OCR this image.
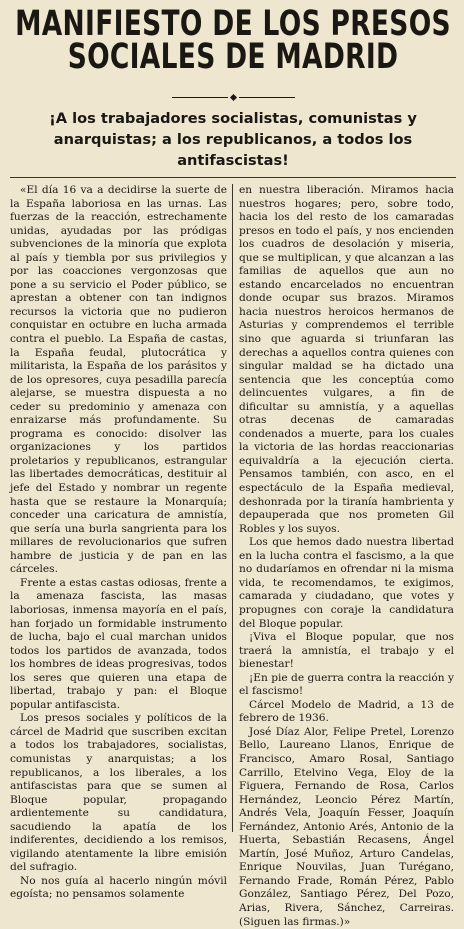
MANIFIESTO DE LOS PRESOS
SOCIALES DE MADRID
¡A los trabajadores socialistas, comunistas y anarquistas; a los republicanos, a todos los antifascistas!

«El día 16 va a decidirse la suerte de la España laboriosa en las urnas. Las fuerzas de la reacción, estrechamente unidas, ayudadas por las pródigas subvenciones de la minoría que explota al país y tiembla por sus privilegios y por las coacciones vergonzosas que pone a su servicio el Poder público, se aprestan a obtener con tan indignos recursos la victoria que no pudieron conquistar en octubre en lucha armada contra el pueblo. La España de castas, la España feudal, plutocrática y militarista, la España de los parásitos y de los opresores, cuya pesadilla parecía alejarse, se muestra dispuesta a no ceder su predominio y amenaza con enraizarse más profundamente. Su programa es conocido: disolver las organizaciones y los partidos proletarios y republicanos, estrangular las libertades democráticas, destituir al jefe del Estado y nombrar un regente hasta que se restaure la Monarquía; conceder una caricatura de amnistía, que sería una burla sangrienta para los millares de revolucionarios que sufren hambre de justicia y de pan en las cárceles.

Frente a estas castas odiosas, frente a la amenaza fascista, las masas laboriosas, inmensa mayoría en el país, han forjado un formidable instrumento de lucha, bajo el cual marchan unidos todos los partidos de avanzada, todos los hombres de ideas progresivas, todos los seres que quieren una etapa de libertad, trabajo y pan: el Bloque popular antifascista.

Los presos sociales y políticos de la cárcel de Madrid que suscriben excitan a todos los trabajadores, socialistas, comunistas y anarquistas; a los republicanos, a los liberales, a los antifascistas para que se sumen al Bloque popular, propagando ardientemente su candidatura, sacudiendo la apatía de los indiferentes, decidiendo a los remisos, vigilando atentamente la libre emisión del sufragio.

No nos guía al hacerlo ningún móvil egoísta; no pensamos solamente

en nuestra liberación. Miramos hacia nuestros hogares; pero, sobre todo, hacia los del resto de los camaradas presos en todo el país, y nos encienden los cuadros de desolación y miseria, que se multiplican, y que alcanzan a las familias de aquellos que aun no estando encarcelados no encuentran donde ocupar sus brazos. Miramos hacia nuestros heroicos hermanos de Asturias y comprendemos el terrible sino que aguarda si triunfaran las derechas a aquellos contra quienes con singular maldad se ha dictado una sentencia que les conceptúa como delincuentes vulgares, a fin de dificultar su amnistía, y a aquellas otras decenas de camaradas condenados a muerte, para los cuales la victoria de las hordas reaccionarias equivaldría a la ejecución cierta. Pensamos también, con asco, en el espectáculo de la España medieval, deshonrada por la tiranía hambrienta y depauperada que nos prometen Gil Robles y los suyos.

Los que hemos dado nuestra libertad en la lucha contra el fascismo, a la que no dudaríamos en ofrendar ni la misma vida, te recomendamos, te exigimos, camarada y ciudadano, que votes y propugnes con coraje la candidatura del Bloque popular.

¡Viva el Bloque popular, que nos traerá la amnistía, el trabajo y el bienestar!

¡En pie de guerra contra la reacción y el fascismo!

Cárcel Modelo de Madrid, a 13 de febrero de 1936.

José Díaz Alor, Felipe Pretel, Lorenzo Bello, Laureano Llanos, Enrique de Francisco, Amaro Rosal, Santiago Carrillo, Etelvino Vega, Eloy de la Figuera, Fernando de Rosa, Carlos Hernández, Leoncio Pérez Martín, Andrés Vela, Joaquín Fesser, Joaquín Fernández, Antonio Arés, Antonio de la Huerta, Sebastián Recasens, Ángel Martín, José Muñoz, Arturo Candelas, Enrique Nouvilas, Juan Turégano, Fernando Frade, Román Pérez, Pablo González, Santiago Pérez, Del Pozo, Arias, Rivera, Sánchez, Carreiras. (Siguen las firmas.)»
